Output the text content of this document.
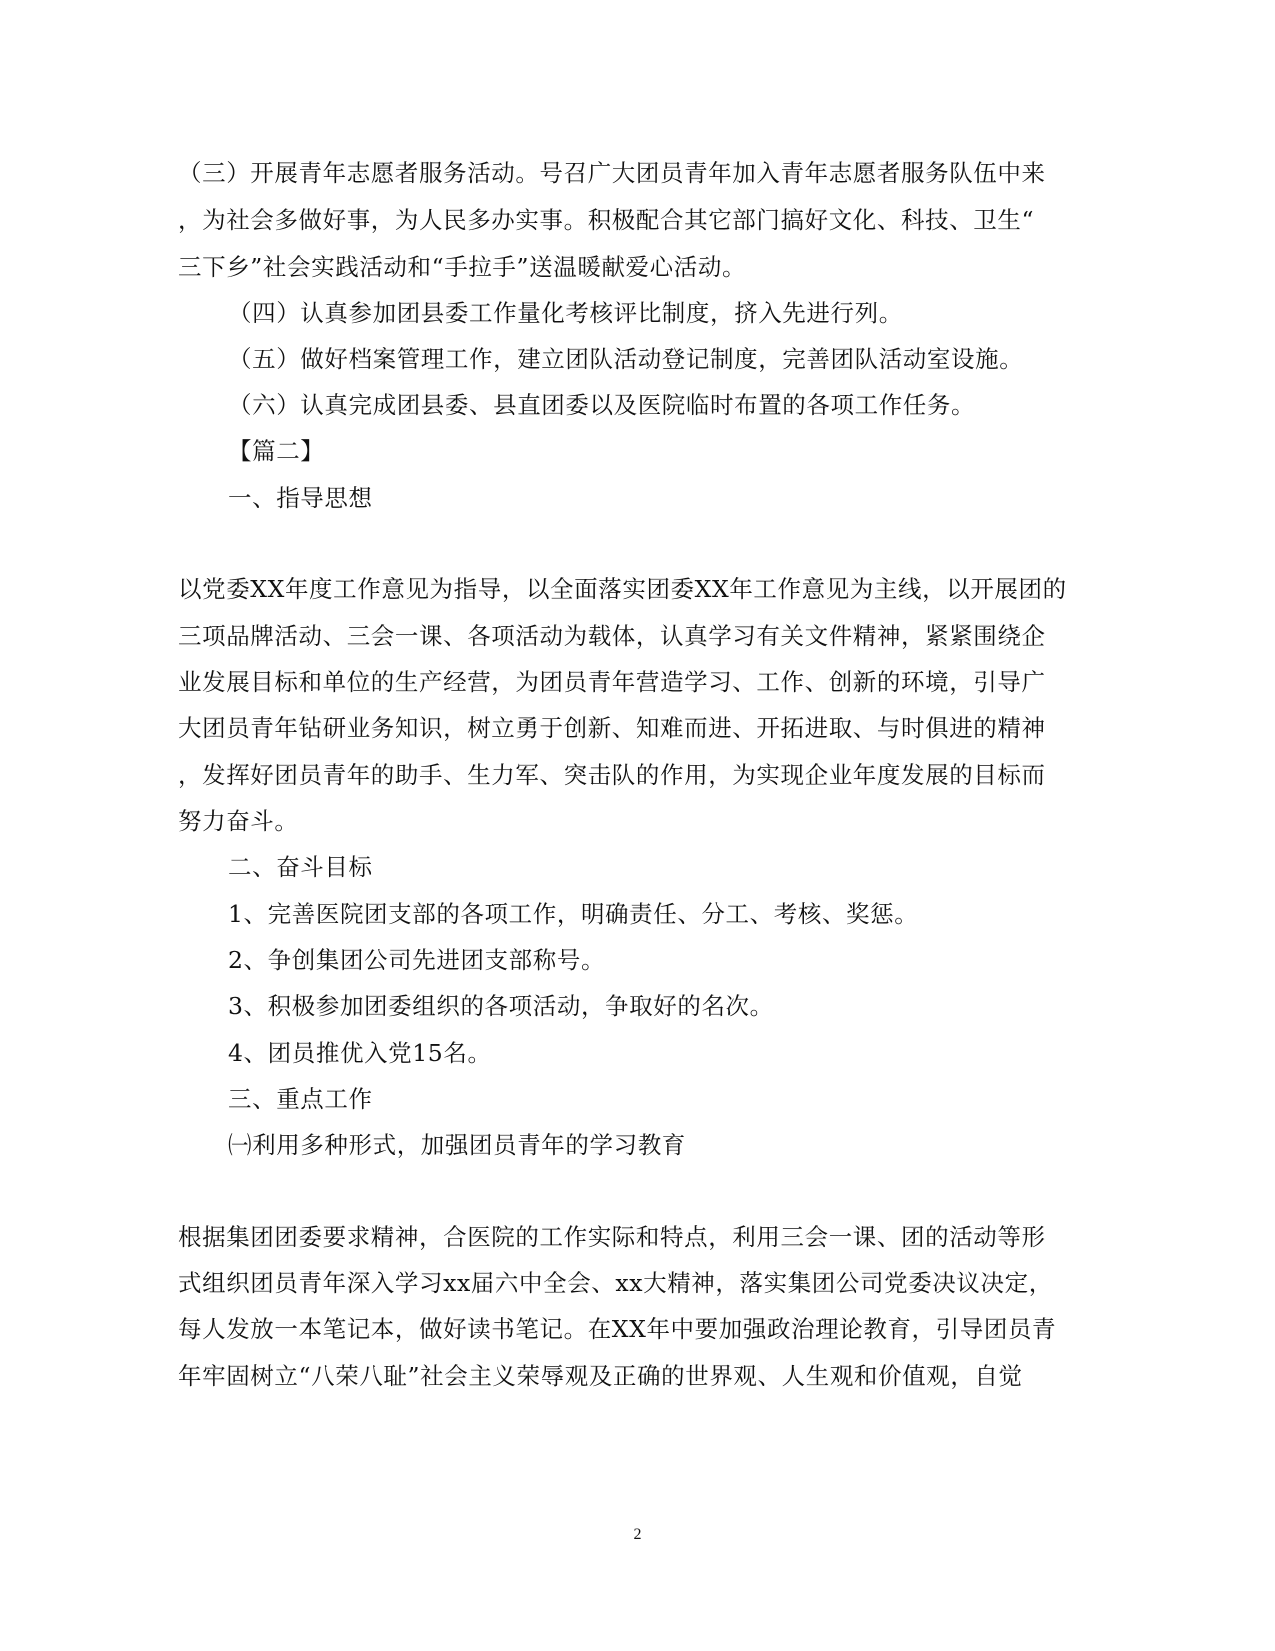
（三）开展青年志愿者服务活动。号召广大团员青年加入青年志愿者服务队伍中来
，为社会多做好事，为人民多办实事。积极配合其它部门搞好文化、科技、卫生“
三下乡”社会实践活动和“手拉手”送温暖献爱心活动。
（四）认真参加团县委工作量化考核评比制度，挤入先进行列。
（五）做好档案管理工作，建立团队活动登记制度，完善团队活动室设施。
（六）认真完成团县委、县直团委以及医院临时布置的各项工作任务。
【篇二】
一、指导思想
以党委XX年度工作意见为指导，以全面落实团委XX年工作意见为主线，以开展团的
三项品牌活动、三会一课、各项活动为载体，认真学习有关文件精神，紧紧围绕企
业发展目标和单位的生产经营，为团员青年营造学习、工作、创新的环境，引导广
大团员青年钻研业务知识，树立勇于创新、知难而进、开拓进取、与时俱进的精神
，发挥好团员青年的助手、生力军、突击队的作用，为实现企业年度发展的目标而
努力奋斗。
二、奋斗目标
1、完善医院团支部的各项工作，明确责任、分工、考核、奖惩。
2、争创集团公司先进团支部称号。
3、积极参加团委组织的各项活动，争取好的名次。
4、团员推优入党15名。
三、重点工作
㈠利用多种形式，加强团员青年的学习教育
根据集团团委要求精神，合医院的工作实际和特点，利用三会一课、团的活动等形
式组织团员青年深入学习xx届六中全会、xx大精神，落实集团公司党委决议决定，
每人发放一本笔记本，做好读书笔记。在XX年中要加强政治理论教育，引导团员青
年牢固树立“八荣八耻”社会主义荣辱观及正确的世界观、人生观和价值观，自觉
2
